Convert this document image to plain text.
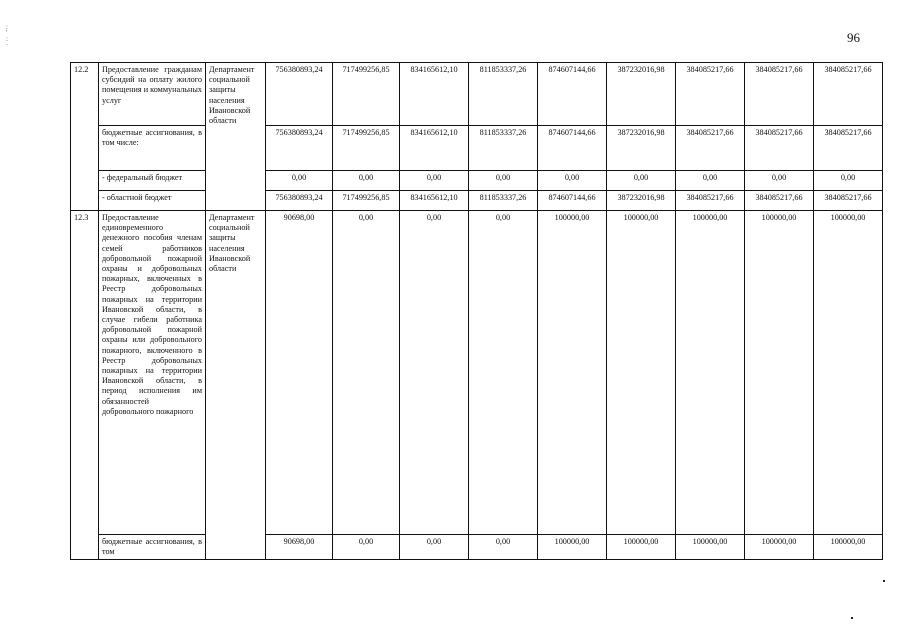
96
:
'
:
·
12.2	Предоставление гражданам субсидий на оплату жилого помещения и коммунальных услуг	Департамент социальной защиты населения Ивановской области	756380893,24	717499256,85	834165612,10	811853337,26	874607144,66	387232016,98	384085217,66	384085217,66	384085217,66
	бюджетные ассигнования, в том числе:		756380893,24	717499256,85	834165612,10	811853337,26	874607144,66	387232016,98	384085217,66	384085217,66	384085217,66
	- федеральный бюджет		0,00	0,00	0,00	0,00	0,00	0,00	0,00	0,00	0,00
	- областной бюджет		756380893,24	717499256,85	834165612,10	811853337,26	874607144,66	387232016,98	384085217,66	384085217,66	384085217,66
12.3	Предоставление единовременного денежного пособия членам семей работников добровольной пожарной охраны и добровольных пожарных, включенных в Реестр добровольных пожарных на территории Ивановской области, в случае гибели работника добровольной пожарной охраны или добровольного пожарного, включенного в Реестр добровольных пожарных на территории Ивановской области, в период исполнения им обязанностей добровольного пожарного	Департамент социальной защиты населения Ивановской области	90698,00	0,00	0,00	0,00	100000,00	100000,00	100000,00	100000,00	100000,00
	бюджетные ассигнования, в том		90698,00	0,00	0,00	0,00	100000,00	100000,00	100000,00	100000,00	100000,00
